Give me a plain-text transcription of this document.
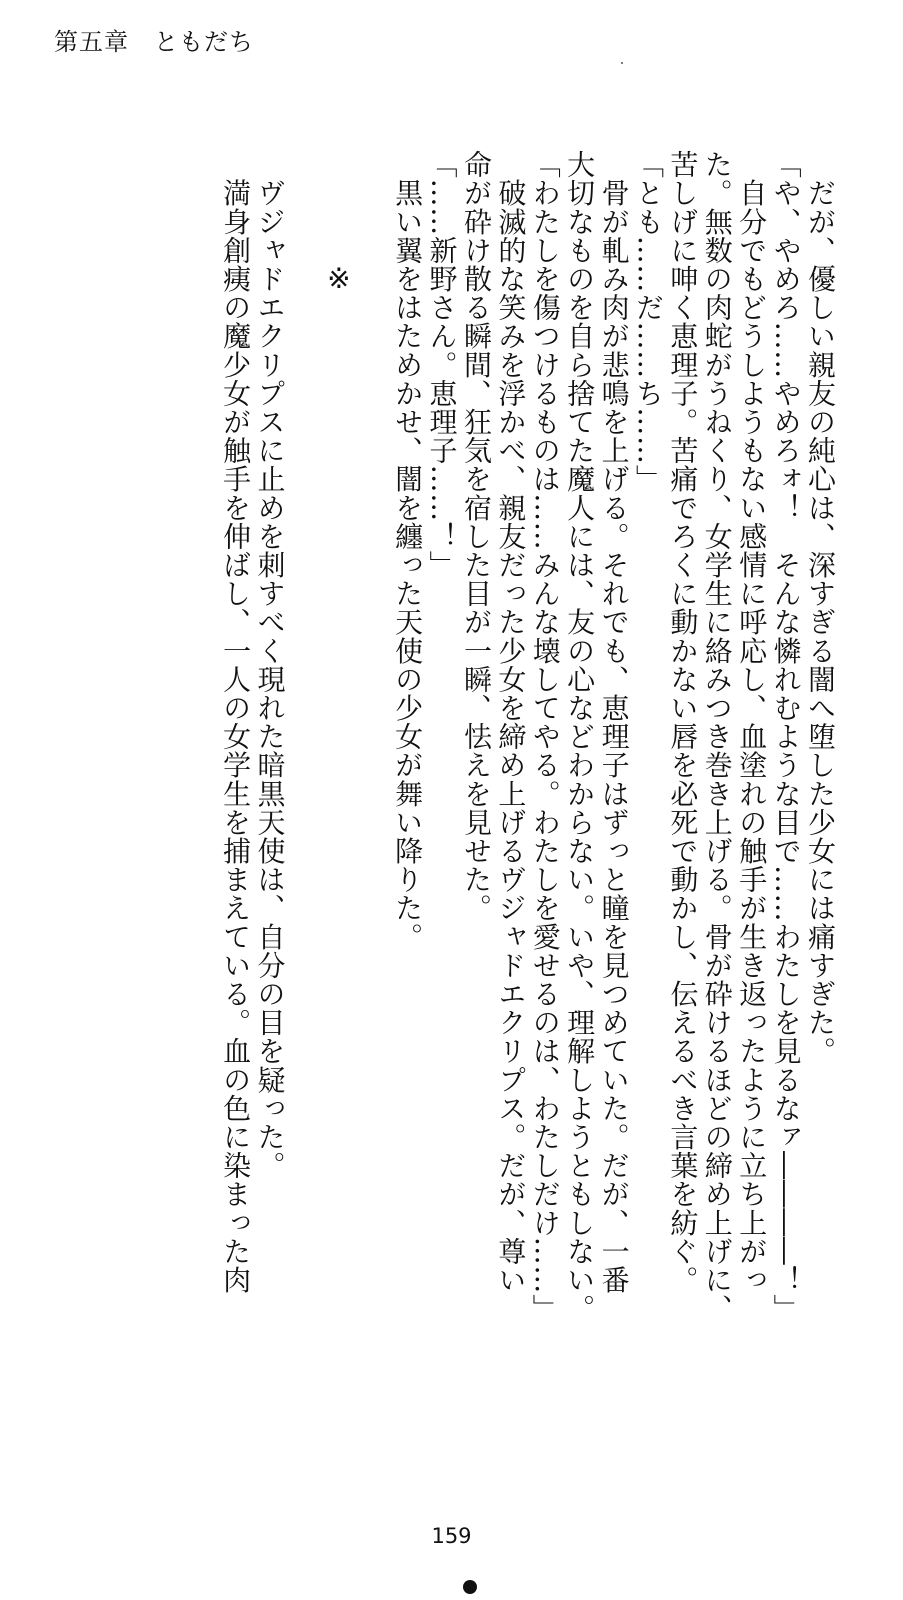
第五章　ともだち
　だが、優しい親友の純心は、深すぎる闇へ堕した少女には痛すぎた。
「や、やめろ……やめろォ！　そんな憐れむような目で……わたしを見るなァ――――！」
　自分でもどうしようもない感情に呼応し、血塗れの触手が生き返ったように立ち上がっ
た。無数の肉蛇がうねくり、女学生に絡みつき巻き上げる。骨が砕けるほどの締め上げに、
苦しげに呻く恵理子。苦痛でろくに動かない唇を必死で動かし、伝えるべき言葉を紡ぐ。
「とも……だ……ち……」
　骨が軋み肉が悲鳴を上げる。それでも、恵理子はずっと瞳を見つめていた。だが、一番
大切なものを自ら捨てた魔人には、友の心などわからない。いや、理解しようともしない。
「わたしを傷つけるものは……みんな壊してやる。わたしを愛せるのは、わたしだけ……」
　破滅的な笑みを浮かべ、親友だった少女を締め上げるヴジャドエクリプス。だが、尊い
命が砕け散る瞬間、狂気を宿した目が一瞬、怯えを見せた。
「……新野さん。恵理子……！」
　黒い翼をはためかせ、闇を纏った天使の少女が舞い降りた。

※

　ヴジャドエクリプスに止めを刺すべく現れた暗黒天使は、自分の目を疑った。
　満身創痍の魔少女が触手を伸ばし、一人の女学生を捕まえている。血の色に染まった肉
159
